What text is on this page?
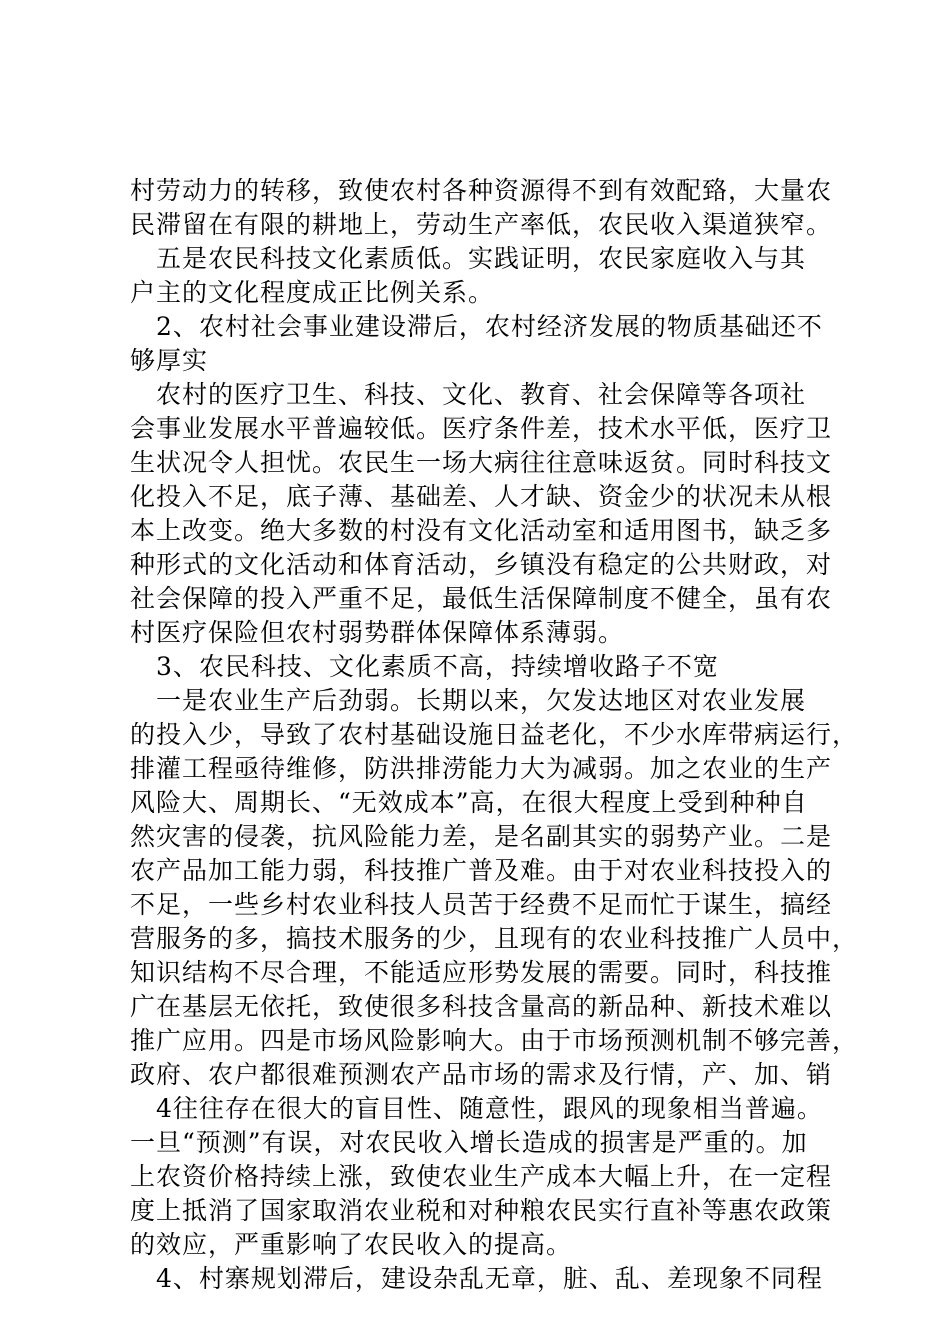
村劳动力的转移，致使农村各种资源得不到有效配臵，大量农
民滞留在有限的耕地上，劳动生产率低，农民收入渠道狭窄。
　五是农民科技文化素质低。实践证明，农民家庭收入与其
户主的文化程度成正比例关系。
　2、农村社会事业建设滞后，农村经济发展的物质基础还不
够厚实
　农村的医疗卫生、科技、文化、教育、社会保障等各项社
会事业发展水平普遍较低。医疗条件差，技术水平低，医疗卫
生状况令人担忧。农民生一场大病往往意味返贫。同时科技文
化投入不足，底子薄、基础差、人才缺、资金少的状况未从根
本上改变。绝大多数的村没有文化活动室和适用图书，缺乏多
种形式的文化活动和体育活动，乡镇没有稳定的公共财政，对
社会保障的投入严重不足，最低生活保障制度不健全，虽有农
村医疗保险但农村弱势群体保障体系薄弱。
　3、农民科技、文化素质不高，持续增收路子不宽
　一是农业生产后劲弱。长期以来，欠发达地区对农业发展
的投入少，导致了农村基础设施日益老化，不少水库带病运行，
排灌工程亟待维修，防洪排涝能力大为减弱。加之农业的生产
风险大、周期长、“无效成本”高，在很大程度上受到种种自
然灾害的侵袭，抗风险能力差，是名副其实的弱势产业。二是
农产品加工能力弱，科技推广普及难。由于对农业科技投入的
不足，一些乡村农业科技人员苦于经费不足而忙于谋生，搞经
营服务的多，搞技术服务的少，且现有的农业科技推广人员中，
知识结构不尽合理，不能适应形势发展的需要。同时，科技推
广在基层无依托，致使很多科技含量高的新品种、新技术难以
推广应用。四是市场风险影响大。由于市场预测机制不够完善，
政府、农户都很难预测农产品市场的需求及行情，产、加、销
　4往往存在很大的盲目性、随意性，跟风的现象相当普遍。
一旦“预测”有误，对农民收入增长造成的损害是严重的。加
上农资价格持续上涨，致使农业生产成本大幅上升，在一定程
度上抵消了国家取消农业税和对种粮农民实行直补等惠农政策
的效应，严重影响了农民收入的提高。
　4、村寨规划滞后，建设杂乱无章，脏、乱、差现象不同程
